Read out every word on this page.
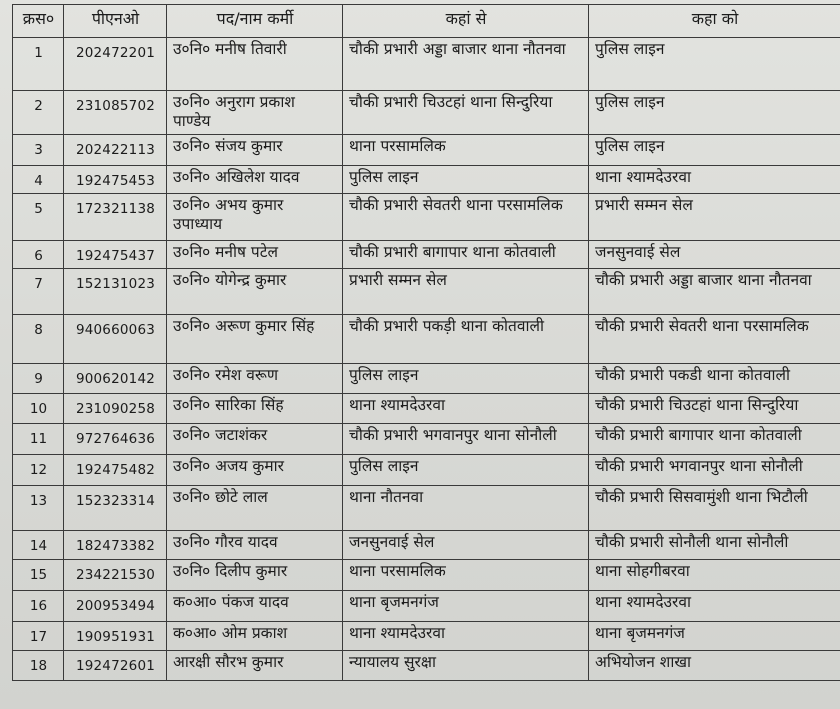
क्रस०	पीएनओ	पद/नाम कर्मी	कहां से	कहा को
1	202472201	उ०नि० मनीष तिवारी	चौकी प्रभारी अड्डा बाजार थाना नौतनवा	पुलिस लाइन
2	231085702	उ०नि० अनुराग प्रकाश पाण्डेय	चौकी प्रभारी चिउटहां थाना सिन्दुरिया	पुलिस लाइन
3	202422113	उ०नि० संजय कुमार	थाना परसामलिक	पुलिस लाइन
4	192475453	उ०नि० अखिलेश यादव	पुलिस लाइन	थाना श्यामदेउरवा
5	172321138	उ०नि० अभय कुमार उपाध्याय	चौकी प्रभारी सेवतरी थाना परसामलिक	प्रभारी सम्मन सेल
6	192475437	उ०नि० मनीष पटेल	चौकी प्रभारी बागापार थाना कोतवाली	जनसुनवाई सेल
7	152131023	उ०नि० योगेन्द्र कुमार	प्रभारी सम्मन सेल	चौकी प्रभारी अड्डा बाजार थाना नौतनवा
8	940660063	उ०नि० अरूण कुमार सिंह	चौकी प्रभारी पकड़ी थाना कोतवाली	चौकी प्रभारी सेवतरी थाना परसामलिक
9	900620142	उ०नि० रमेश वरूण	पुलिस लाइन	चौकी प्रभारी पकडी थाना कोतवाली
10	231090258	उ०नि० सारिका सिंह	थाना श्यामदेउरवा	चौकी प्रभारी चिउटहां थाना सिन्दुरिया
11	972764636	उ०नि० जटाशंकर	चौकी प्रभारी भगवानपुर थाना सोनौली	चौकी प्रभारी बागापार थाना कोतवाली
12	192475482	उ०नि० अजय कुमार	पुलिस लाइन	चौकी प्रभारी भगवानपुर थाना सोनौली
13	152323314	उ०नि० छोटे लाल	थाना नौतनवा	चौकी प्रभारी सिसवामुंशी थाना भिटौली
14	182473382	उ०नि० गौरव यादव	जनसुनवाई सेल	चौकी प्रभारी सोनौली थाना सोनौली
15	234221530	उ०नि० दिलीप कुमार	थाना परसामलिक	थाना सोहगीबरवा
16	200953494	क०आ० पंकज यादव	थाना बृजमनगंज	थाना श्यामदेउरवा
17	190951931	क०आ० ओम प्रकाश	थाना श्यामदेउरवा	थाना बृजमनगंज
18	192472601	आरक्षी सौरभ कुमार	न्यायालय सुरक्षा	अभियोजन शाखा
